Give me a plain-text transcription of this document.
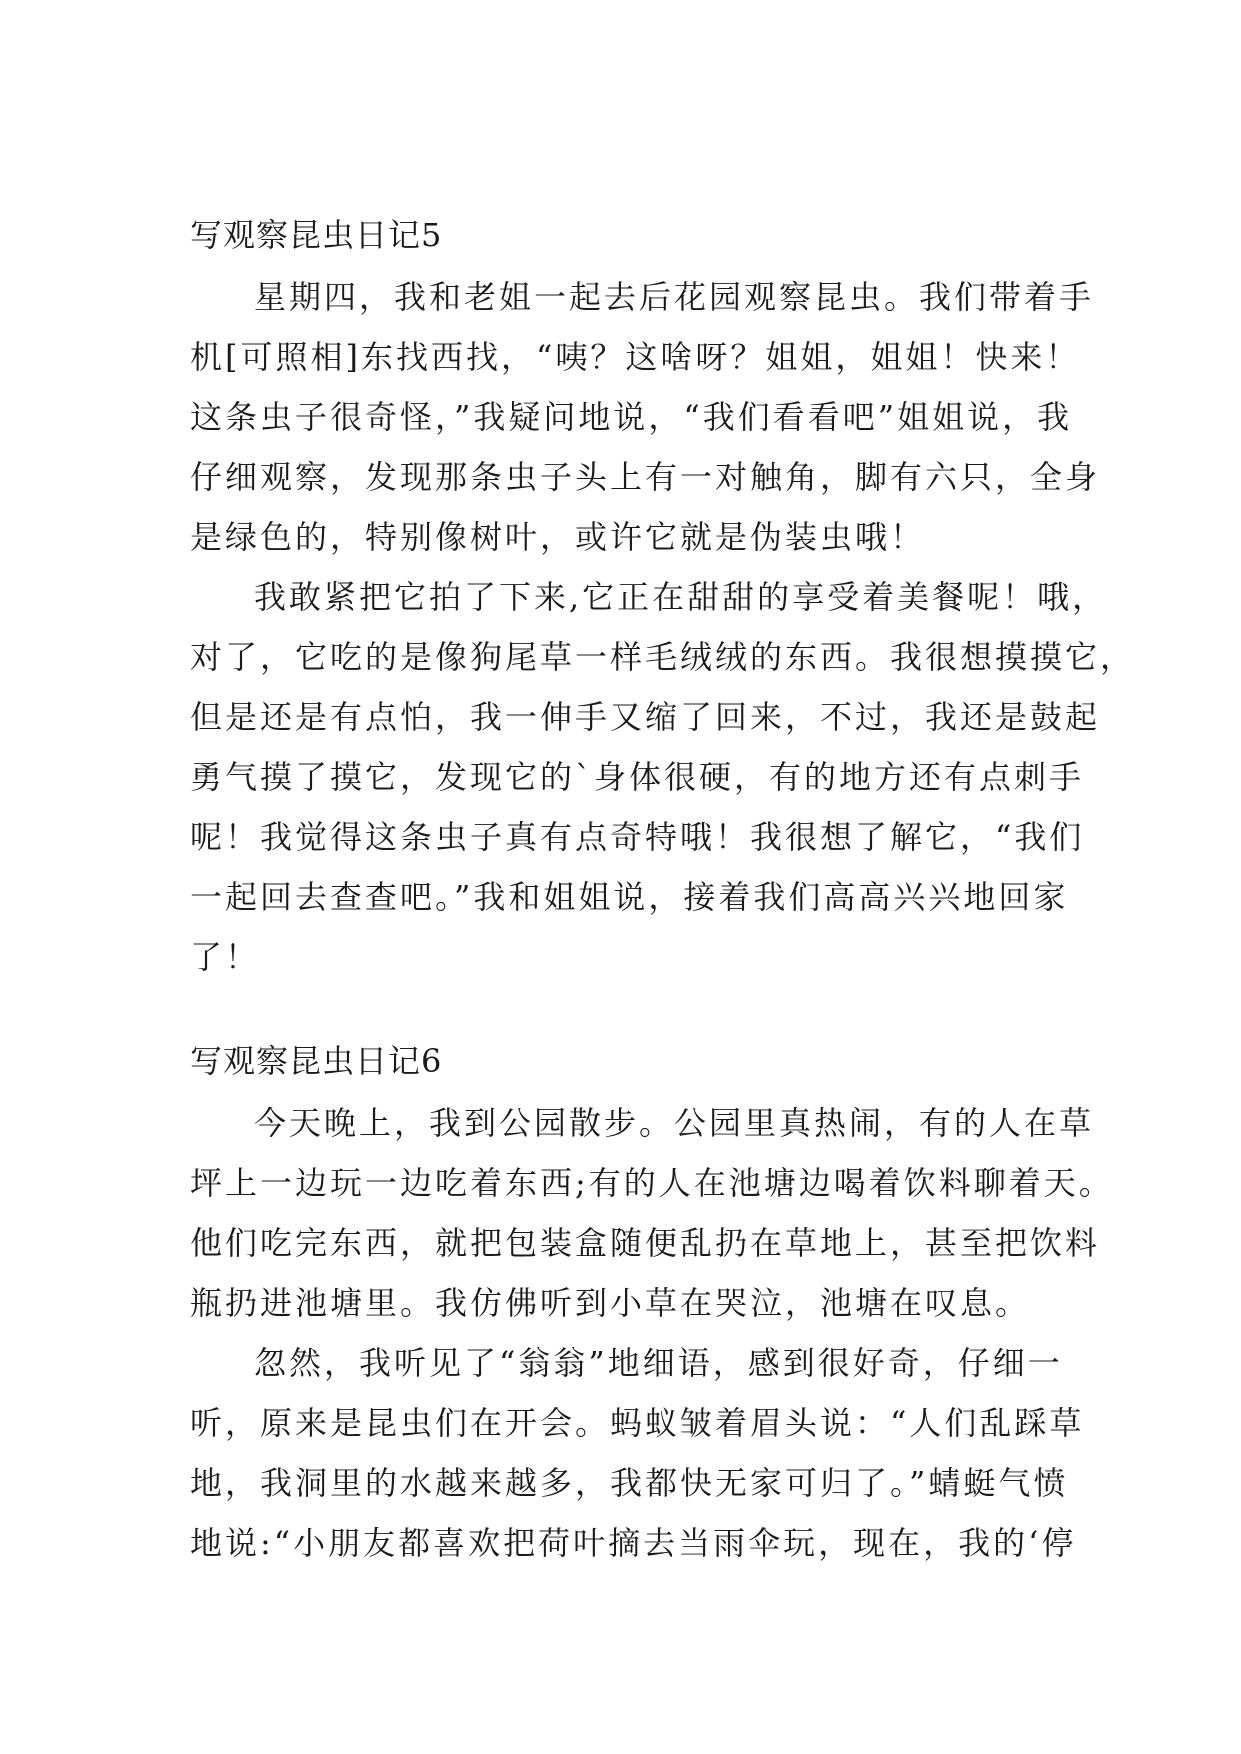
写观察昆虫日记5
星期四，我和老姐一起去后花园观察昆虫。我们带着手
机[可照相]东找西找，“咦？这啥呀？姐姐，姐姐！快来！
这条虫子很奇怪，”我疑问地说，“我们看看吧”姐姐说，我
仔细观察，发现那条虫子头上有一对触角，脚有六只，全身
是绿色的，特别像树叶，或许它就是伪装虫哦！
我敢紧把它拍了下来,它正在甜甜的享受着美餐呢！哦，
对了，它吃的是像狗尾草一样毛绒绒的东西。我很想摸摸它，
但是还是有点怕，我一伸手又缩了回来，不过，我还是鼓起
勇气摸了摸它，发现它的`身体很硬，有的地方还有点刺手
呢！我觉得这条虫子真有点奇特哦！我很想了解它，“我们
一起回去查查吧。”我和姐姐说，接着我们高高兴兴地回家
了！
写观察昆虫日记6
今天晚上，我到公园散步。公园里真热闹，有的人在草
坪上一边玩一边吃着东西;有的人在池塘边喝着饮料聊着天。
他们吃完东西，就把包装盒随便乱扔在草地上，甚至把饮料
瓶扔进池塘里。我仿佛听到小草在哭泣，池塘在叹息。
忽然，我听见了“翁翁”地细语，感到很好奇，仔细一
听，原来是昆虫们在开会。蚂蚁皱着眉头说：“人们乱踩草
地，我洞里的水越来越多，我都快无家可归了。”蜻蜓气愤
地说:“小朋友都喜欢把荷叶摘去当雨伞玩，现在，我的‘停
